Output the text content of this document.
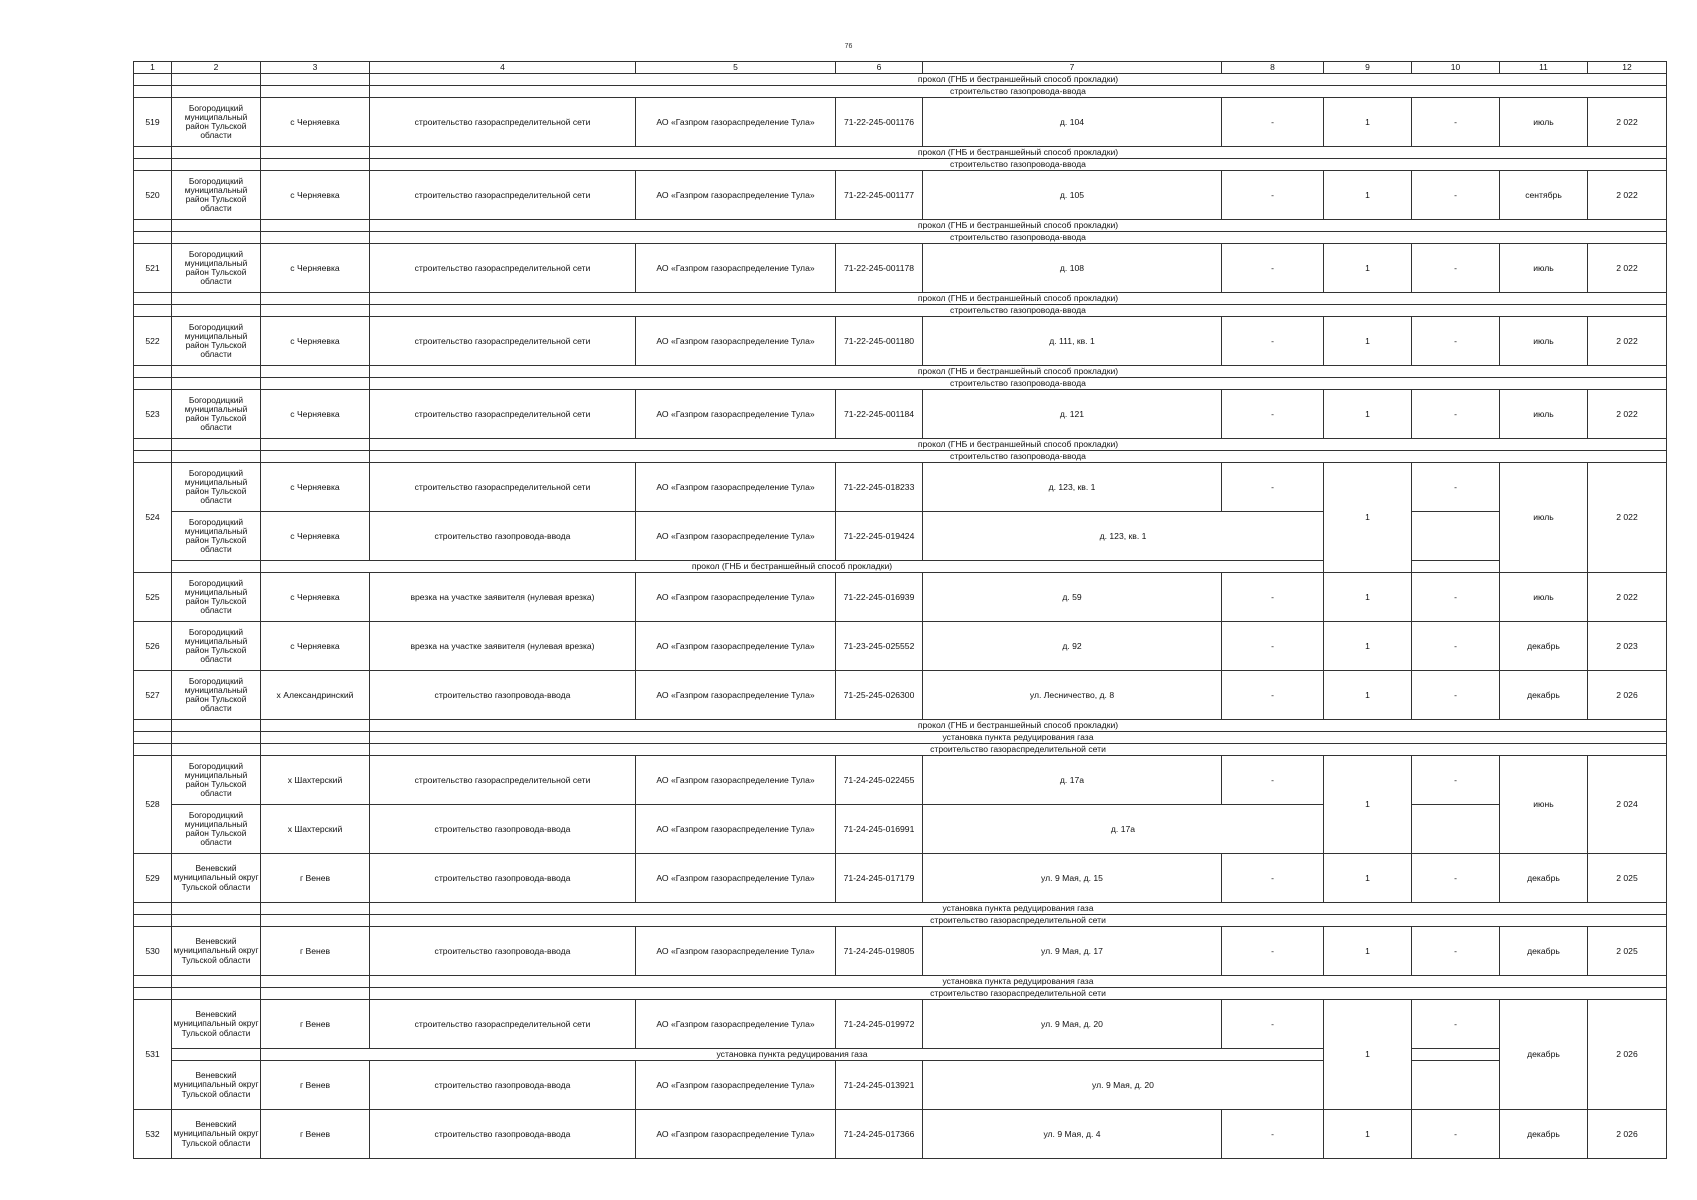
76
1	2	3	4	5	6	7	8	9	10	11	12
			прокол (ГНБ и бестраншейный способ прокладки)								
			строительство газопровода-ввода								
519	Богородицкий муниципальный район Тульской области	с Черняевка	строительство газораспределительной сети	АО «Газпром газораспределение Тула»	71-22-245-001176	д. 104	-	1	-	июль	2 022
			прокол (ГНБ и бестраншейный способ прокладки)								
			строительство газопровода-ввода								
520	Богородицкий муниципальный район Тульской области	с Черняевка	строительство газораспределительной сети	АО «Газпром газораспределение Тула»	71-22-245-001177	д. 105	-	1	-	сентябрь	2 022
			прокол (ГНБ и бестраншейный способ прокладки)								
			строительство газопровода-ввода								
521	Богородицкий муниципальный район Тульской области	с Черняевка	строительство газораспределительной сети	АО «Газпром газораспределение Тула»	71-22-245-001178	д. 108	-	1	-	июль	2 022
			прокол (ГНБ и бестраншейный способ прокладки)								
			строительство газопровода-ввода								
522	Богородицкий муниципальный район Тульской области	с Черняевка	строительство газораспределительной сети	АО «Газпром газораспределение Тула»	71-22-245-001180	д. 111, кв. 1	-	1	-	июль	2 022
			прокол (ГНБ и бестраншейный способ прокладки)								
			строительство газопровода-ввода								
523	Богородицкий муниципальный район Тульской области	с Черняевка	строительство газораспределительной сети	АО «Газпром газораспределение Тула»	71-22-245-001184	д. 121	-	1	-	июль	2 022
			прокол (ГНБ и бестраншейный способ прокладки)								
			строительство газопровода-ввода								
524	Богородицкий муниципальный район Тульской области	с Черняевка	строительство газораспределительной сети	АО «Газпром газораспределение Тула»	71-22-245-018233	д. 123, кв. 1	-	1	-	июль	2 022
	Богородицкий муниципальный район Тульской области	с Черняевка	строительство газопровода-ввода	АО «Газпром газораспределение Тула»	71-22-245-019424	д. 123, кв. 1					
		прокол (ГНБ и бестраншейный способ прокладки)									
525	Богородицкий муниципальный район Тульской области	с Черняевка	врезка на участке заявителя (нулевая врезка)	АО «Газпром газораспределение Тула»	71-22-245-016939	д. 59	-	1	-	июль	2 022
526	Богородицкий муниципальный район Тульской области	с Черняевка	врезка на участке заявителя (нулевая врезка)	АО «Газпром газораспределение Тула»	71-23-245-025552	д. 92	-	1	-	декабрь	2 023
527	Богородицкий муниципальный район Тульской области	х Александринский	строительство газопровода-ввода	АО «Газпром газораспределение Тула»	71-25-245-026300	ул. Лесничество, д. 8	-	1	-	декабрь	2 026
			прокол (ГНБ и бестраншейный способ прокладки)								
			установка пункта редуцирования газа								
			строительство газораспределительной сети								
528	Богородицкий муниципальный район Тульской области	х Шахтерский	строительство газораспределительной сети	АО «Газпром газораспределение Тула»	71-24-245-022455	д. 17а	-	1	-	июнь	2 024
	Богородицкий муниципальный район Тульской области	х Шахтерский	строительство газопровода-ввода	АО «Газпром газораспределение Тула»	71-24-245-016991	д. 17а					
529	Веневский муниципальный округ Тульской области	г Венев	строительство газопровода-ввода	АО «Газпром газораспределение Тула»	71-24-245-017179	ул. 9 Мая, д. 15	-	1	-	декабрь	2 025
			установка пункта редуцирования газа								
			строительство газораспределительной сети								
530	Веневский муниципальный округ Тульской области	г Венев	строительство газопровода-ввода	АО «Газпром газораспределение Тула»	71-24-245-019805	ул. 9 Мая, д. 17	-	1	-	декабрь	2 025
			установка пункта редуцирования газа								
			строительство газораспределительной сети								
531	Веневский муниципальный округ Тульской области	г Венев	строительство газораспределительной сети	АО «Газпром газораспределение Тула»	71-24-245-019972	ул. 9 Мая, д. 20	-	1	-	декабрь	2 026
		установка пункта редуцирования газа									
	Веневский муниципальный округ Тульской области	г Венев	строительство газопровода-ввода	АО «Газпром газораспределение Тула»	71-24-245-013921	ул. 9 Мая, д. 20					
532	Веневский муниципальный округ Тульской области	г Венев	строительство газопровода-ввода	АО «Газпром газораспределение Тула»	71-24-245-017366	ул. 9 Мая, д. 4	-	1	-	декабрь	2 026
